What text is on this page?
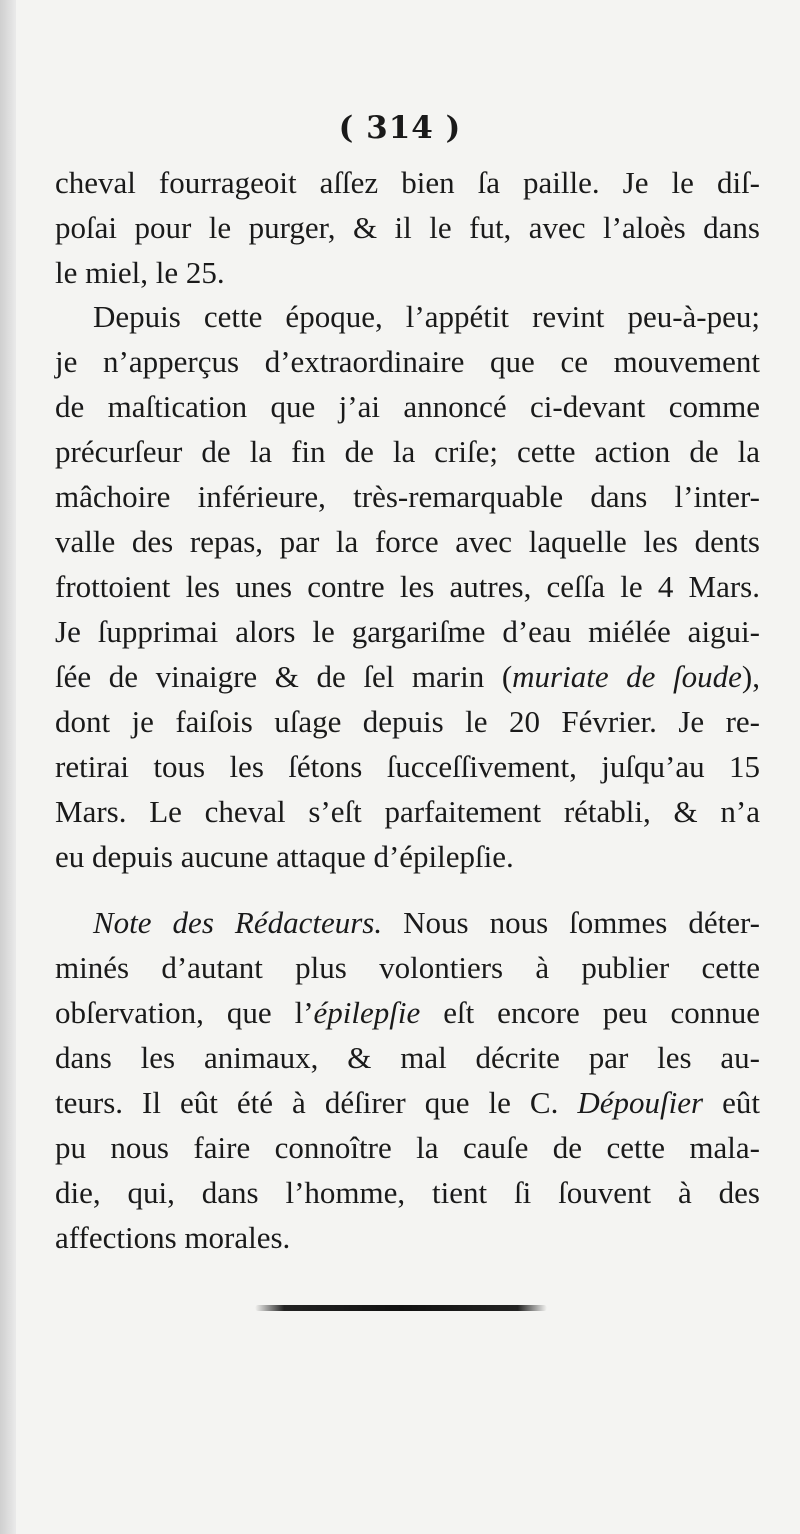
( 314 )
cheval fourrageoit aſſez bien ſa paille. Je le diſ-
poſai pour le purger, & il le fut, avec l’aloès dans
le miel, le 25.
Depuis cette époque, l’appétit revint peu-à-peu;
je n’apperçus d’extraordinaire que ce mouvement
de maſtication que j’ai annoncé ci-devant comme
précurſeur de la fin de la criſe; cette action de la
mâchoire inférieure, très-remarquable dans l’inter-
valle des repas, par la force avec laquelle les dents
frottoient les unes contre les autres, ceſſa le 4 Mars.
Je ſupprimai alors le gargariſme d’eau miélée aigui-
ſée de vinaigre & de ſel marin (muriate de ſoude),
dont je faiſois uſage depuis le 20 Février. Je re-
retirai tous les ſétons ſucceſſivement, juſqu’au 15
Mars. Le cheval s’eſt parfaitement rétabli, & n’a
eu depuis aucune attaque d’épilepſie.
Note des Rédacteurs. Nous nous ſommes déter-
minés d’autant plus volontiers à publier cette
obſervation, que l’épilepſie eſt encore peu connue
dans les animaux, & mal décrite par les au-
teurs. Il eût été à déſirer que le C. Dépouſier eût
pu nous faire connoître la cauſe de cette mala-
die, qui, dans l’homme, tient ſi ſouvent à des
affections morales.
